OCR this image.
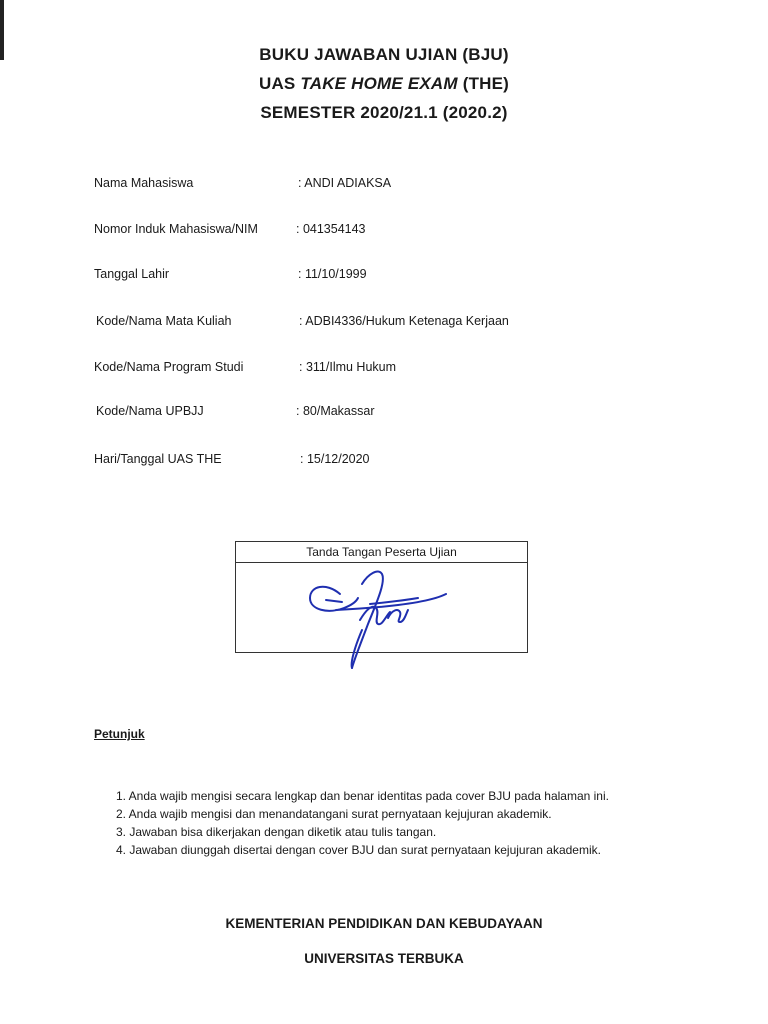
BUKU JAWABAN UJIAN (BJU)
UAS TAKE HOME EXAM (THE)
SEMESTER 2020/21.1 (2020.2)
Nama Mahasiswa	: ANDI ADIAKSA
Nomor Induk Mahasiswa/NIM	: 041354143
Tanggal Lahir	: 11/10/1999
Kode/Nama Mata Kuliah	: ADBI4336/Hukum Ketenaga Kerjaan
Kode/Nama Program Studi	: 311/Ilmu Hukum
Kode/Nama UPBJJ	: 80/Makassar
Hari/Tanggal UAS THE	: 15/12/2020
Tanda Tangan Peserta Ujian
Petunjuk
1. Anda wajib mengisi secara lengkap dan benar identitas pada cover BJU pada halaman ini.
2. Anda wajib mengisi dan menandatangani surat pernyataan kejujuran akademik.
3. Jawaban bisa dikerjakan dengan diketik atau tulis tangan.
4. Jawaban diunggah disertai dengan cover BJU dan surat pernyataan kejujuran akademik.
KEMENTERIAN PENDIDIKAN DAN KEBUDAYAAN
UNIVERSITAS TERBUKA
